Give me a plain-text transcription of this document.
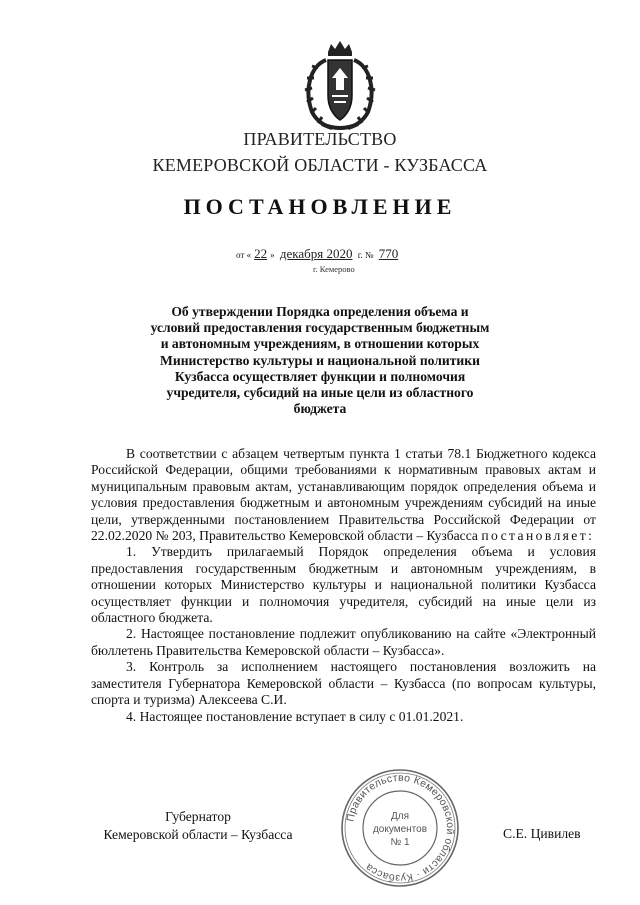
ПРАВИТЕЛЬСТВО
КЕМЕРОВСКОЙ ОБЛАСТИ - КУЗБАССА
ПОСТАНОВЛЕНИЕ
от « 22 » декабря 2020 г. № 770
г. Кемерово
Об утверждении Порядка определения объема и
условий предоставления государственным бюджетным
и автономным учреждениям, в отношении которых
Министерство культуры и национальной политики
Кузбасса осуществляет функции и полномочия
учредителя, субсидий на иные цели из областного
бюджета

В соответствии с абзацем четвертым пункта 1 статьи 78.1 Бюджетного кодекса Российской Федерации, общими требованиями к нормативным правовых актам и муниципальным правовым актам, устанавливающим порядок определения объема и условия предоставления бюджетным и автономным учреждениям субсидий на иные цели, утвержденными постановлением Правительства Российской Федерации от 22.02.2020 № 203, Правительство Кемеровской области – Кузбасса постановляет:

1. Утвердить прилагаемый Порядок определения объема и условия предоставления государственным бюджетным и автономным учреждениям, в отношении которых Министерство культуры и национальной политики Кузбасса осуществляет функции и полномочия учредителя, субсидий на иные цели из областного бюджета.

2. Настоящее постановление подлежит опубликованию на сайте «Электронный бюллетень Правительства Кемеровской области – Кузбасса».

3. Контроль за исполнением настоящего постановления возложить на заместителя Губернатора Кемеровской области – Кузбасса (по вопросам культуры, спорта и туризма) Алексеева С.И.

4. Настоящее постановление вступает в силу с 01.01.2021.

Губернатор
Кемеровской области – Кузбасса
Правительство Кемеровской области · Кузбасса
Для
документов
№ 1
С.Е. Цивилев
